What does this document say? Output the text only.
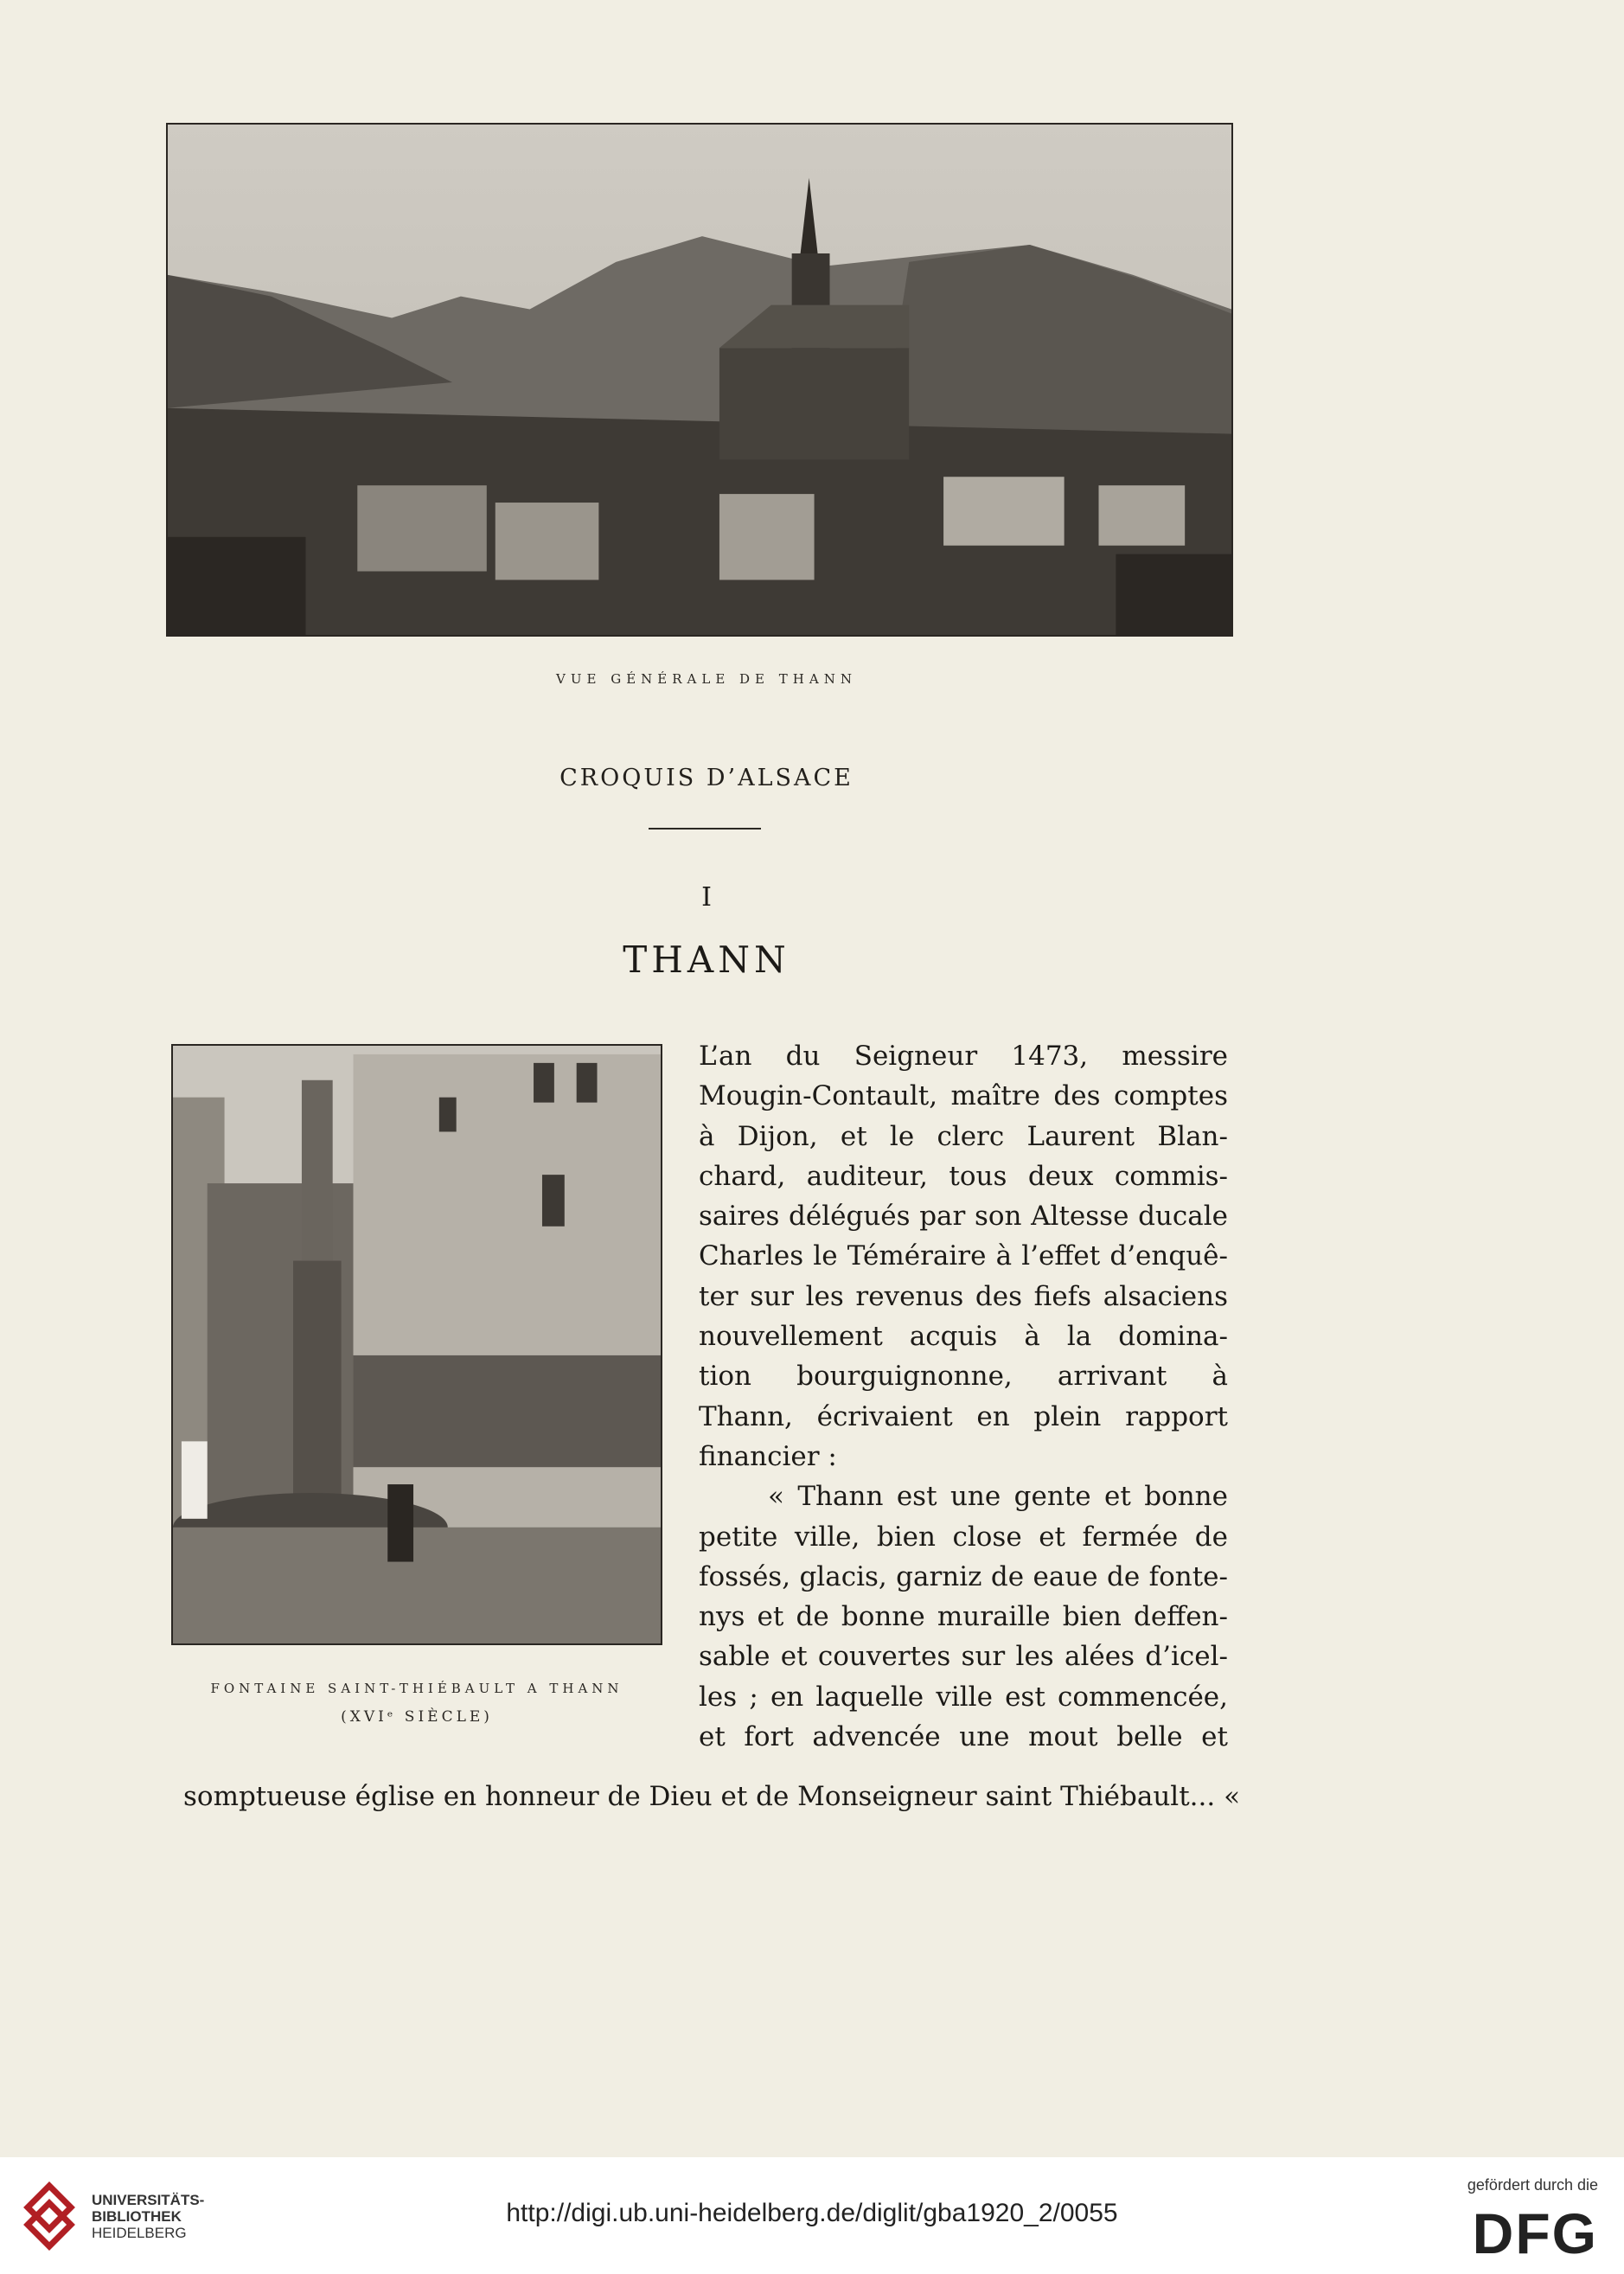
VUE GÉNÉRALE DE THANN
CROQUIS D’ALSACE
I
THANN
FONTAINE SAINT-THIÉBAULT A THANN
(XVIᵉ SIÈCLE)
L’an du Seigneur 1473, messire
Mougin-Contault, maître des comptes
à Dijon, et le clerc Laurent Blan-
chard, auditeur, tous deux commis-
saires délégués par son Altesse ducale
Charles le Téméraire à l’effet d’enquê-
ter sur les revenus des fiefs alsaciens
nouvellement acquis à la domina-
tion bourguignonne, arrivant à
Thann, écrivaient en plein rapport
financier :
« Thann est une gente et bonne
petite ville, bien close et fermée de
fossés, glacis, garniz de eaue de fonte-
nys et de bonne muraille bien deffen-
sable et couvertes sur les alées d’icel-
les ; en laquelle ville est commencée,
et fort advencée une mout belle et
somptueuse église en honneur de Dieu et de Monseigneur saint Thiébault... «
UNIVERSITÄTS-
BIBLIOTHEK
HEIDELBERG
http://digi.ub.uni-heidelberg.de/diglit/gba1920_2/0055
gefördert durch die
DFG
